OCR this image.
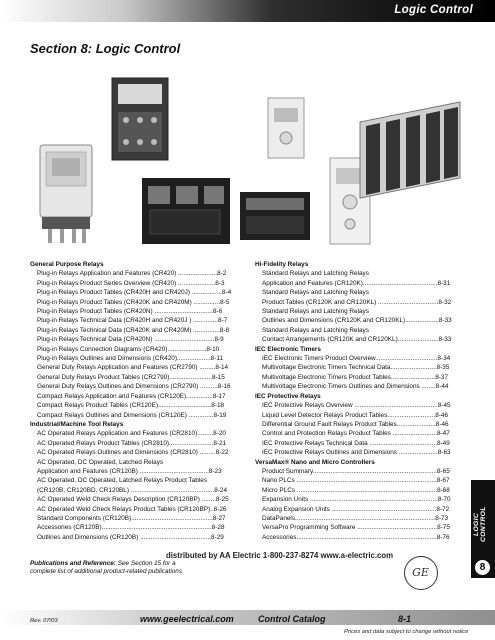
Logic Control
Section 8: Logic Control
General Purpose Relays
Plug-in Relays Application and Features (CR420) ......................8-2
Plug-in Relays Product Series Overview (CR420) .....................8-3
Plug-in Relays Product Tables (CR420H and CR420J) .................8-4
Plug-in Relays Product Tables (CR420K and CR420M) ...............8-5
Plug-in Relays Product Tables (CR420N) .................................8-6
Plug-in Relays Technical Data (CR420H and CR420J ) ..............8-7
Plug-in Relays Technical Data (CR420K and CR420M) ...............8-8
Plug-in Relays Technical Data (CR420N) ..................................8-9
Plug-in Relays Connection Diagrams (CR420)......................8-10
Plug-in Relays Outlines and Dimensions (CR420)...................8-11
General Duty Relays Application and Features (CR2790) .........8-14
General Duty Relays Product Tables (CR2790)........................8-15
General Duty Relays Outlines and Dimensions (CR2790) ..........8-16
Compact Relays Application and Features (CR120E)...............8-17
Compact Relays Product Tables (CR120E)..............................8-18
Compact Relays Outlines and Dimensions (CR120E) ..............8-19
Industrial/Machine Tool Relays
AC Operated Relays Application and Features (CR2810).........8-20
AC Operated Relays Product Tables (CR2810).........................8-21
AC Operated Relays Outlines and Dimensions (CR2810) .........8-22
AC Operated, DC Operated, Latched Relays
Application and Features (CR120B) .......................................8-23
AC Operated, DC Operated, Latched Relays Product Tables
(CR120B, CR120BD, CR120BL) ...............................................8-24
AC Operated Weld Check Relays Description (CR120BP) ........8-25
AC Operated Weld Check Relays Product Tables (CR120BP)..8-26
Standard Components (CR120B)..............................................8-27
Accessories (CR120B)..............................................................8-28
Outlines and Dimensions (CR120B) ........................................8-29
Hi-Fidelity Relays
Standard Relays and Latching Relays
Application and Features (CR120K)..........................................8-31
Standard Relays and Latching Relays
Product Tables (CR120K and CR120KL) ..................................8-32
Standard Relays and Latching Relays
Outlines and Dimensions (CR120K and CR120KL)...................8-33
Standard Relays and Latching Relays
Contact Arrangements (CR120K and CR120KL).......................8-33
IEC Electronic Timers
IEC Electronic Timers Product Overview...................................8-34
Multivoltage Electronic Timers Technical Data..........................8-35
Multivoltage Electronic Timers Product Tables.........................8-37
Multivoltage Electronic Timers Outlines and Dimensions ........8-44
IEC Protective Relays
IEC Protective Relays Overview ...............................................8-45
Liquid Level Detector Relays Product Tables...........................8-46
Differential Ground Fault Relays Product Tables......................8-46
Control and Protection Relays Product Tables .........................8-47
IEC Protective Relays Technical Data ......................................8-49
IEC Protective Relays Outlines and Dimensions ......................8-63
VersaMax® Nano and Micro Controllers
Product Summary......................................................................8-65
Nano PLCs ...............................................................................8-67
Micro PLCs ...............................................................................8-68
Expansion Units ........................................................................8-70
Analog Expansion Units ...........................................................8-72
DataPanels...............................................................................8-73
VersaPro Programming Software .............................................8-75
Accessories...............................................................................8-76
LOGIC CONTROL
8
distributed by AA Electric 1-800-237-8274 www.a-electric.com
Publications and Reference: See Section 15 for a
complete list of additional product-related publications	GE
Rev. 07/03	www.geelectrical.com	Control Catalog	8-1
Prices and data subject to change without notice
